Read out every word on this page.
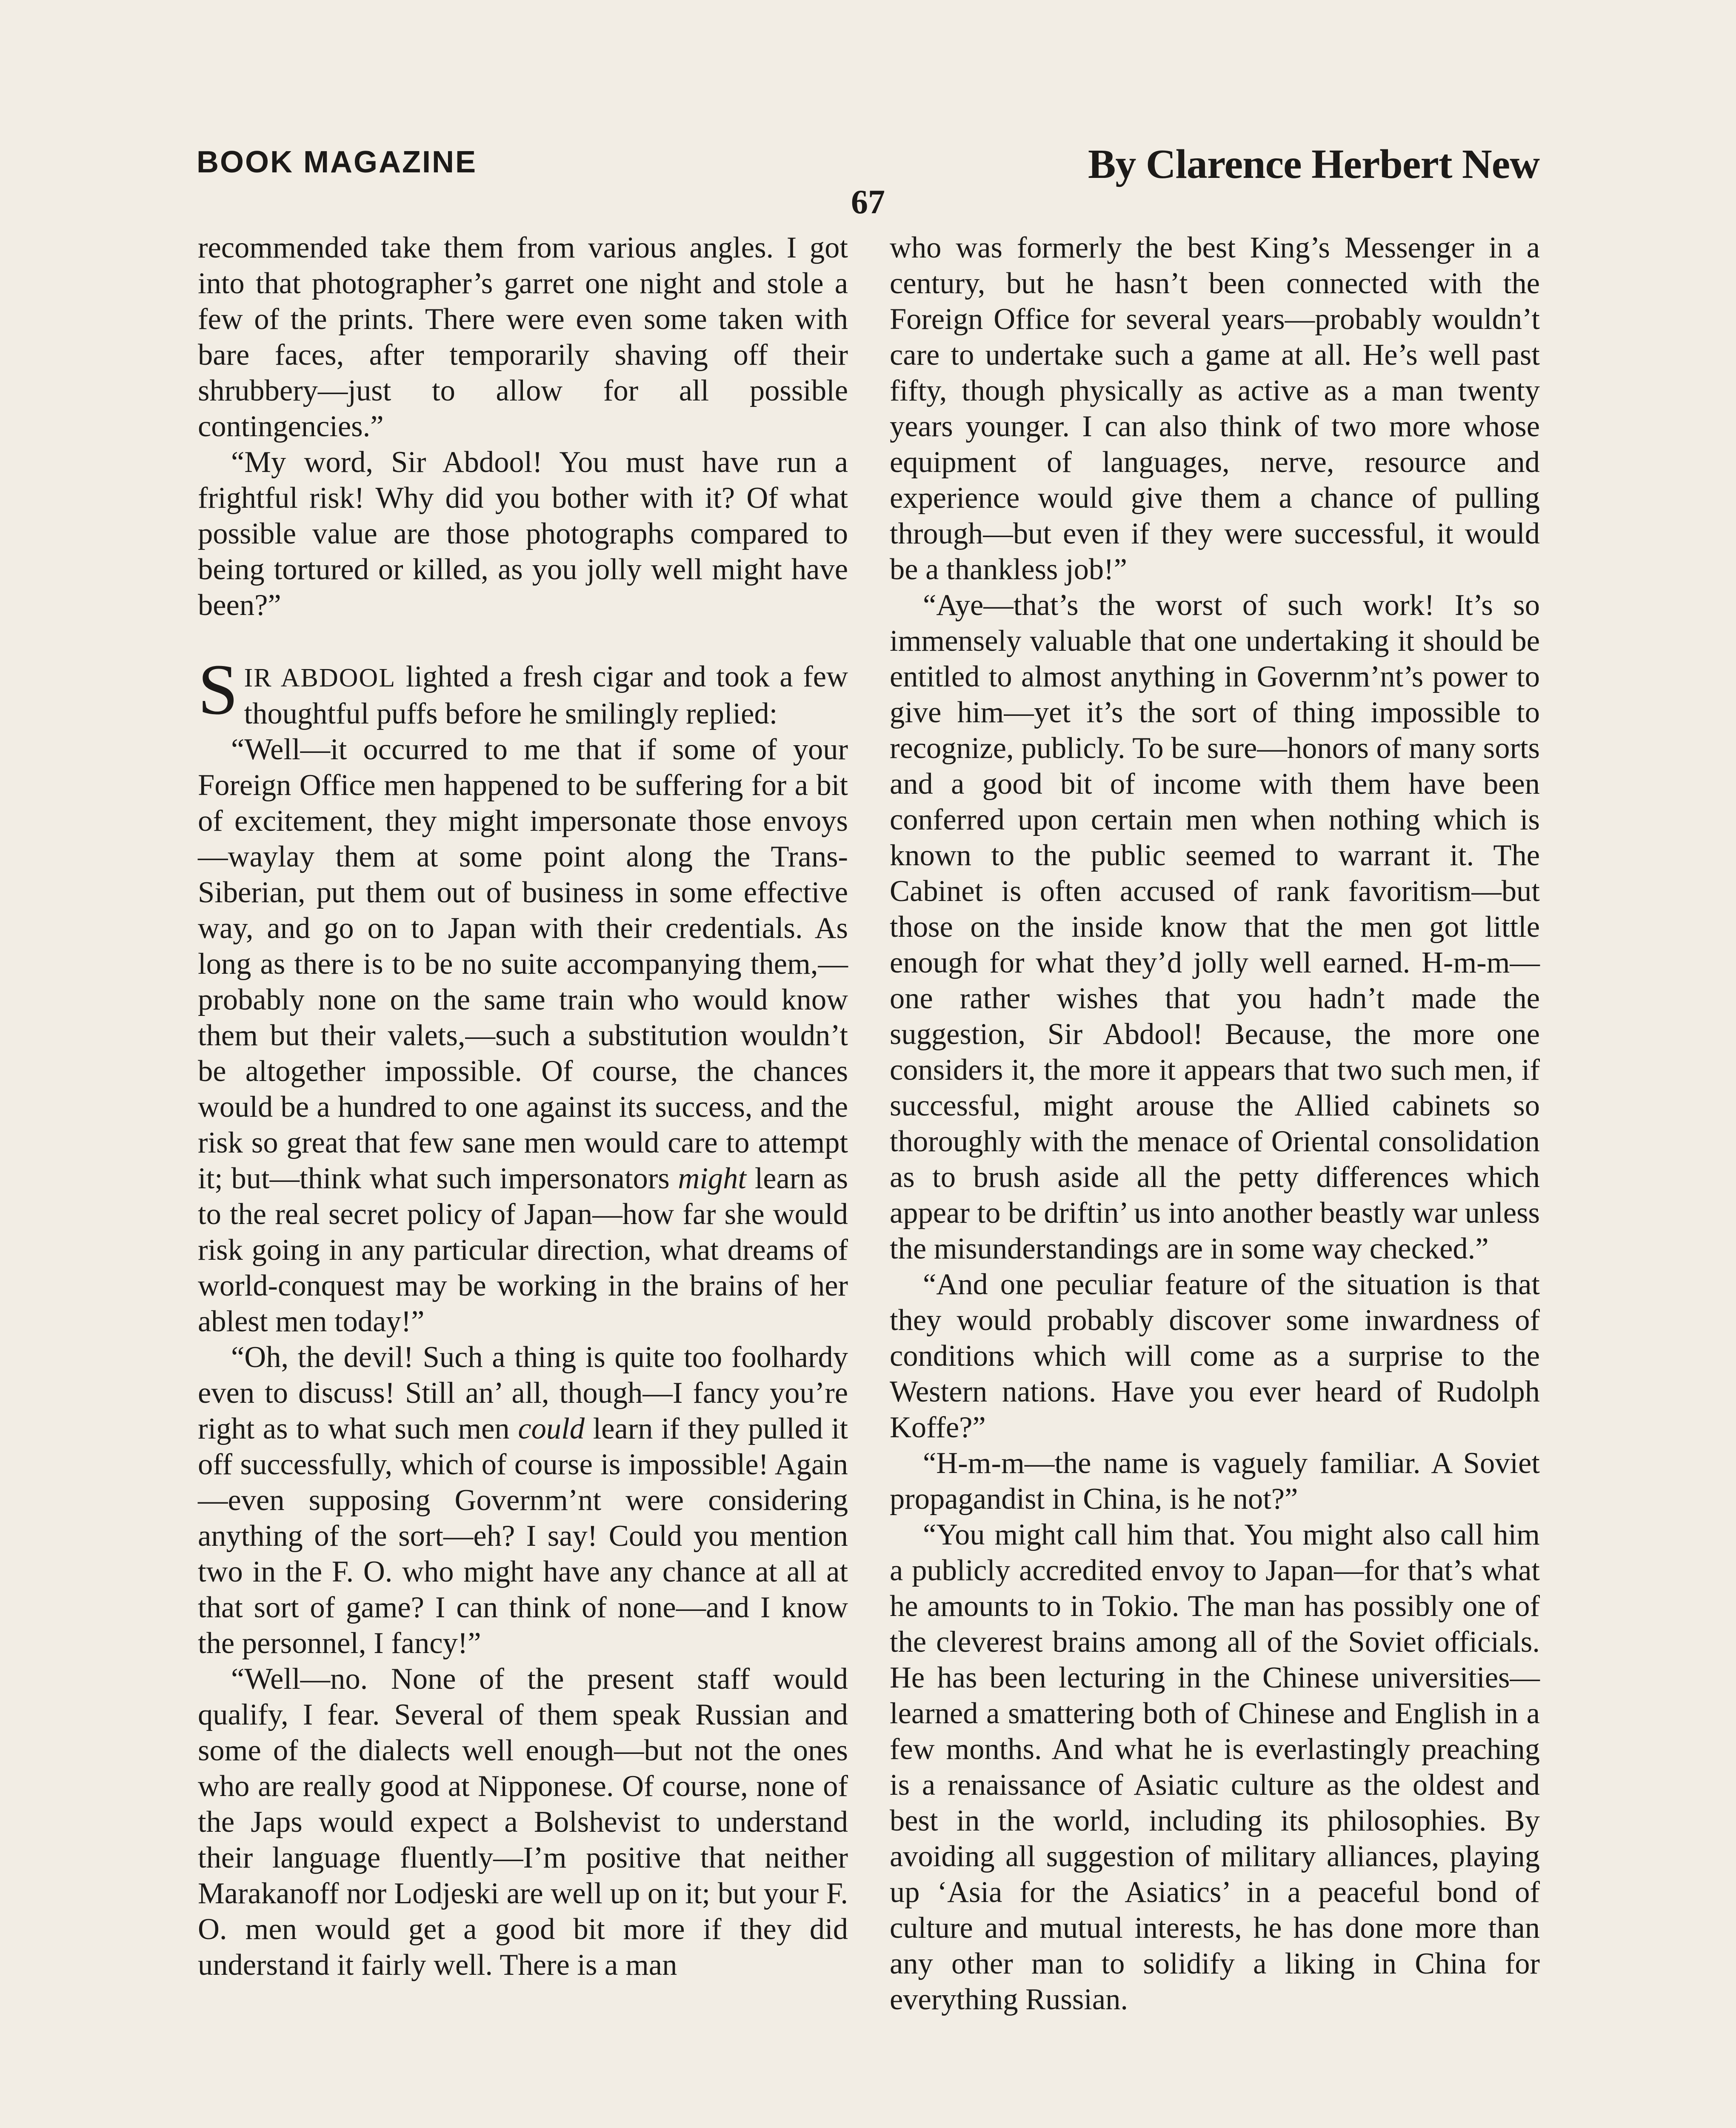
BOOK MAGAZINE	By Clarence Herbert New
67

recommended take them from various angles. I got into that photographer’s garret one night and stole a few of the prints. There were even some taken with bare faces, after temporarily shaving off their shrubbery—just to allow for all possible contingencies.”

“My word, Sir Abdool! You must have run a frightful risk! Why did you bother with it? Of what possible value are those photographs compared to being tortured or killed, as you jolly well might have been?”

SIR ABDOOL lighted a fresh cigar and took a few thoughtful puffs before he smilingly replied:

“Well—it occurred to me that if some of your Foreign Office men happened to be suffering for a bit of excitement, they might impersonate those envoys—waylay them at some point along the Trans-Siberian, put them out of business in some effective way, and go on to Japan with their credentials. As long as there is to be no suite accompanying them,—probably none on the same train who would know them but their valets,—such a substitution wouldn’t be altogether impossible. Of course, the chances would be a hundred to one against its success, and the risk so great that few sane men would care to attempt it; but—think what such impersonators might learn as to the real secret policy of Japan—how far she would risk going in any particular direction, what dreams of world-conquest may be working in the brains of her ablest men today!”

“Oh, the devil! Such a thing is quite too foolhardy even to discuss! Still an’ all, though—I fancy you’re right as to what such men could learn if they pulled it off successfully, which of course is impossible! Again—even supposing Governm’nt were considering anything of the sort—eh? I say! Could you mention two in the F. O. who might have any chance at all at that sort of game? I can think of none—and I know the personnel, I fancy!”

“Well—no. None of the present staff would qualify, I fear. Several of them speak Russian and some of the dialects well enough—but not the ones who are really good at Nipponese. Of course, none of the Japs would expect a Bolshevist to understand their language fluently—I’m positive that neither Marakanoff nor Lodjeski are well up on it; but your F. O. men would get a good bit more if they did understand it fairly well. There is a man

who was formerly the best King’s Messenger in a century, but he hasn’t been connected with the Foreign Office for several years—probably wouldn’t care to undertake such a game at all. He’s well past fifty, though physically as active as a man twenty years younger. I can also think of two more whose equipment of languages, nerve, resource and experience would give them a chance of pulling through—but even if they were successful, it would be a thankless job!”

“Aye—that’s the worst of such work! It’s so immensely valuable that one undertaking it should be entitled to almost anything in Governm’nt’s power to give him—yet it’s the sort of thing impossible to recognize, publicly. To be sure—honors of many sorts and a good bit of income with them have been conferred upon certain men when nothing which is known to the public seemed to warrant it. The Cabinet is often accused of rank favoritism—but those on the inside know that the men got little enough for what they’d jolly well earned. H-m-m—one rather wishes that you hadn’t made the suggestion, Sir Abdool! Because, the more one considers it, the more it appears that two such men, if successful, might arouse the Allied cabinets so thoroughly with the menace of Oriental consolidation as to brush aside all the petty differences which appear to be driftin’ us into another beastly war unless the misunderstandings are in some way checked.”

“And one peculiar feature of the situation is that they would probably discover some inwardness of conditions which will come as a surprise to the Western nations. Have you ever heard of Rudolph Koffe?”

“H-m-m—the name is vaguely familiar. A Soviet propagandist in China, is he not?”

“You might call him that. You might also call him a publicly accredited envoy to Japan—for that’s what he amounts to in Tokio. The man has possibly one of the cleverest brains among all of the Soviet officials. He has been lecturing in the Chinese universities—learned a smattering both of Chinese and English in a few months. And what he is everlastingly preaching is a renaissance of Asiatic culture as the oldest and best in the world, including its philosophies. By avoiding all suggestion of military alliances, playing up ‘Asia for the Asiatics’ in a peaceful bond of culture and mutual interests, he has done more than any other man to solidify a liking in China for everything Russian.
